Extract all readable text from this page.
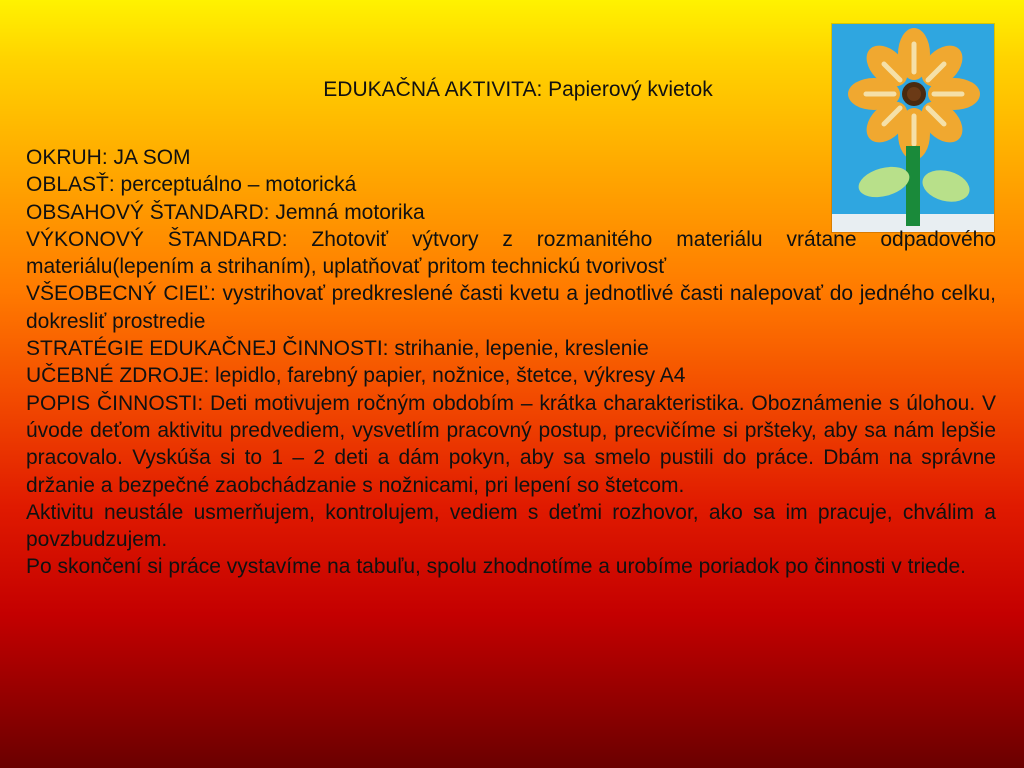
EDUKAČNÁ AKTIVITA: Papierový kvietok

OKRUH: JA SOM

OBLASŤ: perceptuálno – motorická

OBSAHOVÝ ŠTANDARD: Jemná motorika

VÝKONOVÝ ŠTANDARD: Zhotoviť výtvory z rozmanitého materiálu vrátane odpadového materiálu(lepením a strihaním), uplatňovať pritom technickú tvorivosť

VŠEOBECNÝ CIEĽ: vystrihovať predkreslené časti kvetu a jednotlivé časti nalepovať do jedného celku, dokresliť prostredie

STRATÉGIE EDUKAČNEJ ČINNOSTI: strihanie, lepenie, kreslenie

UČEBNÉ ZDROJE: lepidlo, farebný papier, nožnice, štetce, výkresy A4

POPIS ČINNOSTI: Deti motivujem ročným obdobím – krátka charakteristika. Oboznámenie s úlohou. V úvode deťom aktivitu predvediem, vysvetlím pracovný postup, precvičíme si pršteky, aby sa nám lepšie pracovalo. Vyskúša si to 1 – 2 deti a dám pokyn, aby sa smelo pustili do práce. Dbám na správne držanie a bezpečné zaobchádzanie s nožnicami, pri lepení so štetcom.

Aktivitu neustále usmerňujem, kontrolujem, vediem s deťmi rozhovor, ako sa im pracuje, chválim a povzbudzujem.

Po skončení si práce vystavíme na tabuľu, spolu zhodnotíme a urobíme poriadok po činnosti v triede.
